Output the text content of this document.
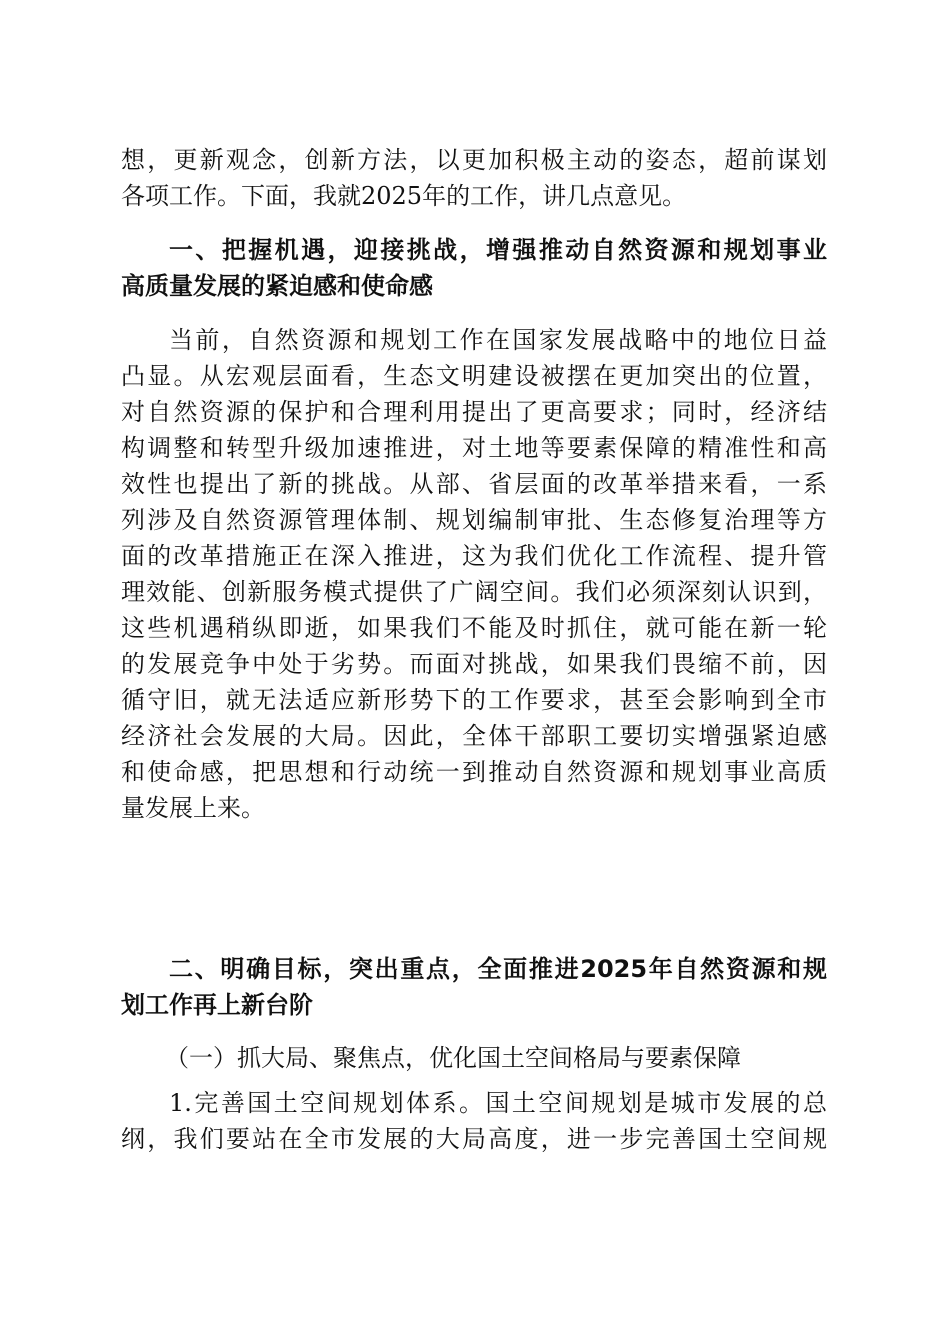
想，更新观念，创新方法，以更加积极主动的姿态，超前谋划
各项工作。下面，我就2025年的工作，讲几点意见。
一、把握机遇，迎接挑战，增强推动自然资源和规划事业
高质量发展的紧迫感和使命感
当前，自然资源和规划工作在国家发展战略中的地位日益
凸显。从宏观层面看，生态文明建设被摆在更加突出的位置，
对自然资源的保护和合理利用提出了更高要求；同时，经济结
构调整和转型升级加速推进，对土地等要素保障的精准性和高
效性也提出了新的挑战。从部、省层面的改革举措来看，一系
列涉及自然资源管理体制、规划编制审批、生态修复治理等方
面的改革措施正在深入推进，这为我们优化工作流程、提升管
理效能、创新服务模式提供了广阔空间。我们必须深刻认识到，
这些机遇稍纵即逝，如果我们不能及时抓住，就可能在新一轮
的发展竞争中处于劣势。而面对挑战，如果我们畏缩不前，因
循守旧，就无法适应新形势下的工作要求，甚至会影响到全市
经济社会发展的大局。因此，全体干部职工要切实增强紧迫感
和使命感，把思想和行动统一到推动自然资源和规划事业高质
量发展上来。
二、明确目标，突出重点，全面推进2025年自然资源和规
划工作再上新台阶
（一）抓大局、聚焦点，优化国土空间格局与要素保障
1.完善国土空间规划体系。国土空间规划是城市发展的总
纲，我们要站在全市发展的大局高度，进一步完善国土空间规
